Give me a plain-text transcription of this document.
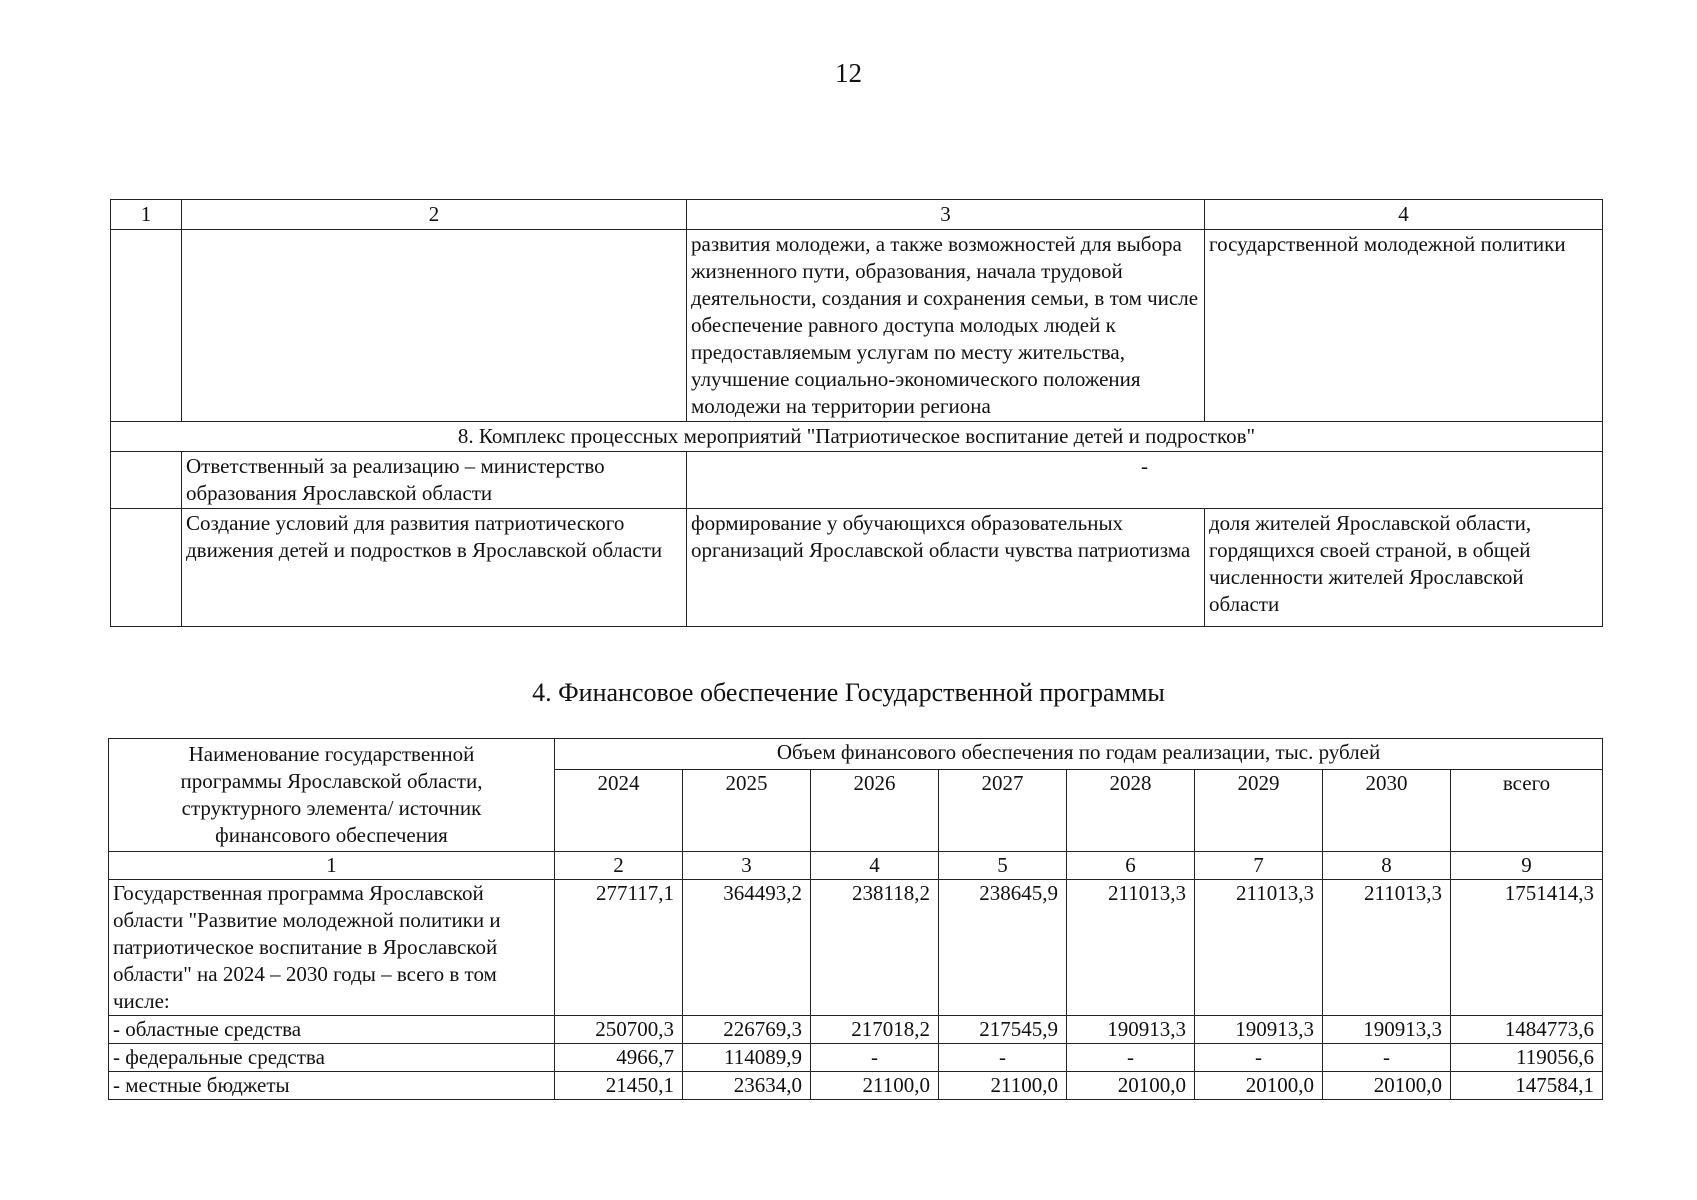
12
1	2	3	4
		развития молодежи, а также возможностей для выбора жизненного пути, образования, начала трудовой деятельности, создания и сохранения семьи, в том числе обеспечение равного доступа молодых людей к предоставляемым услугам по месту жительства, улучшение социально-экономического положения молодежи на территории региона	государственной молодежной политики
8. Комплекс процессных мероприятий "Патриотическое воспитание детей и подростков"			
	Ответственный за реализацию – министерство образования Ярославской области	-	
	Создание условий для развития патриотического движения детей и подростков в Ярославской области	формирование у обучающихся образовательных организаций Ярославской области чувства патриотизма	доля жителей Ярославской области, гордящихся своей страной, в общей численности жителей Ярославской области
4. Финансовое обеспечение Государственной программы
Наименование государственной программы Ярославской области, структурного элемента/ источник финансового обеспечения	Объем финансового обеспечения по годам реализации, тыс. рублей							
	2024	2025	2026	2027	2028	2029	2030	всего
1	2	3	4	5	6	7	8	9
Государственная программа Ярославской области "Развитие молодежной политики и патриотическое воспитание в Ярославской области" на 2024 – 2030 годы – всего в том числе:	277117,1	364493,2	238118,2	238645,9	211013,3	211013,3	211013,3	1751414,3
- областные средства	250700,3	226769,3	217018,2	217545,9	190913,3	190913,3	190913,3	1484773,6
- федеральные средства	4966,7	114089,9	-	-	-	-	-	119056,6
- местные бюджеты	21450,1	23634,0	21100,0	21100,0	20100,0	20100,0	20100,0	147584,1
